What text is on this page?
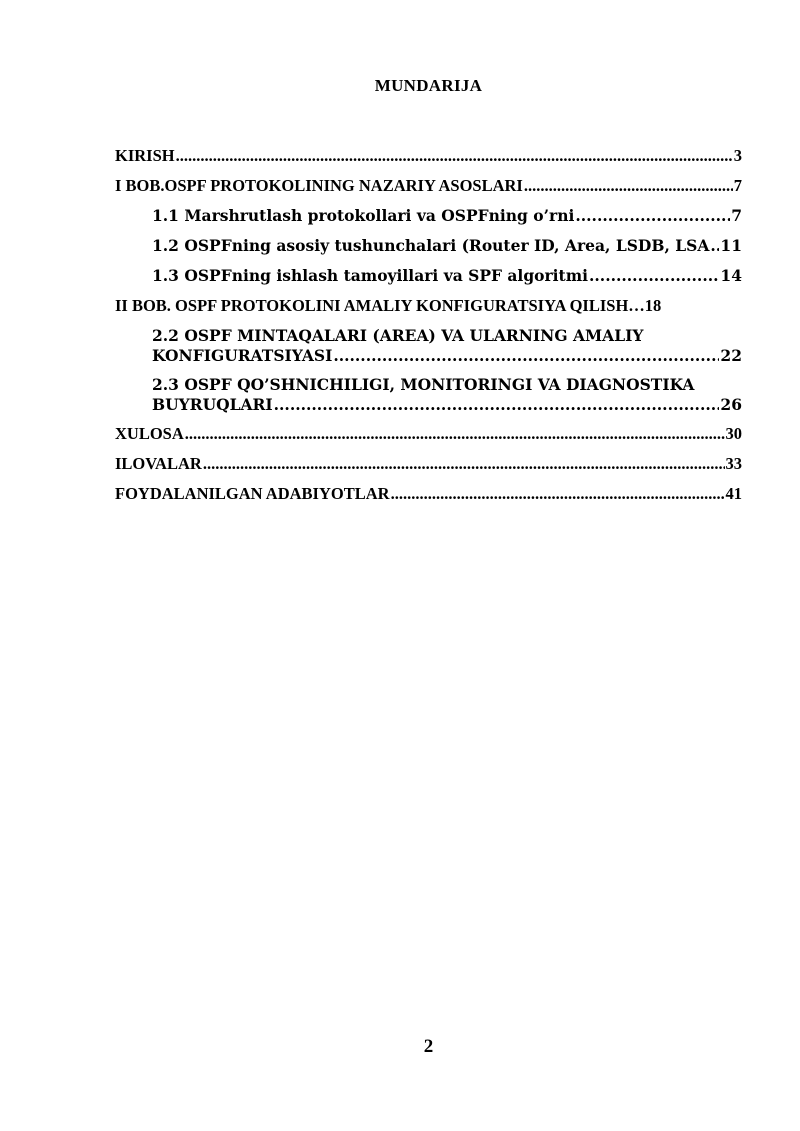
MUNDARIJA
KIRISH .....	3
I BOB.OSPF PROTOKOLINING NAZARIY ASOSLARI .....	7
1.1 Marshrutlash protokollari va OSPFning o’rni .....	7
1.2 OSPFning asosiy tushunchalari (Router ID, Area, LSDB, LSA ..... 11
1.3 OSPFning ishlash tamoyillari va SPF algoritmi .....	14
II BOB. OSPF PROTOKOLINI AMALIY KONFIGURATSIYA QILISH … 18
2.2 OSPF MINTAQALARI (AREA) VA ULARNING AMALIY
KONFIGURATSIYASI .....	22
2.3 OSPF QO’SHNICHILIGI, MONITORINGI VA DIAGNOSTIKA
BUYRUQLARI .....	26
XULOSA .....	30
ILOVALAR .....	33
FOYDALANILGAN ADABIYOTLAR .....	41
2
